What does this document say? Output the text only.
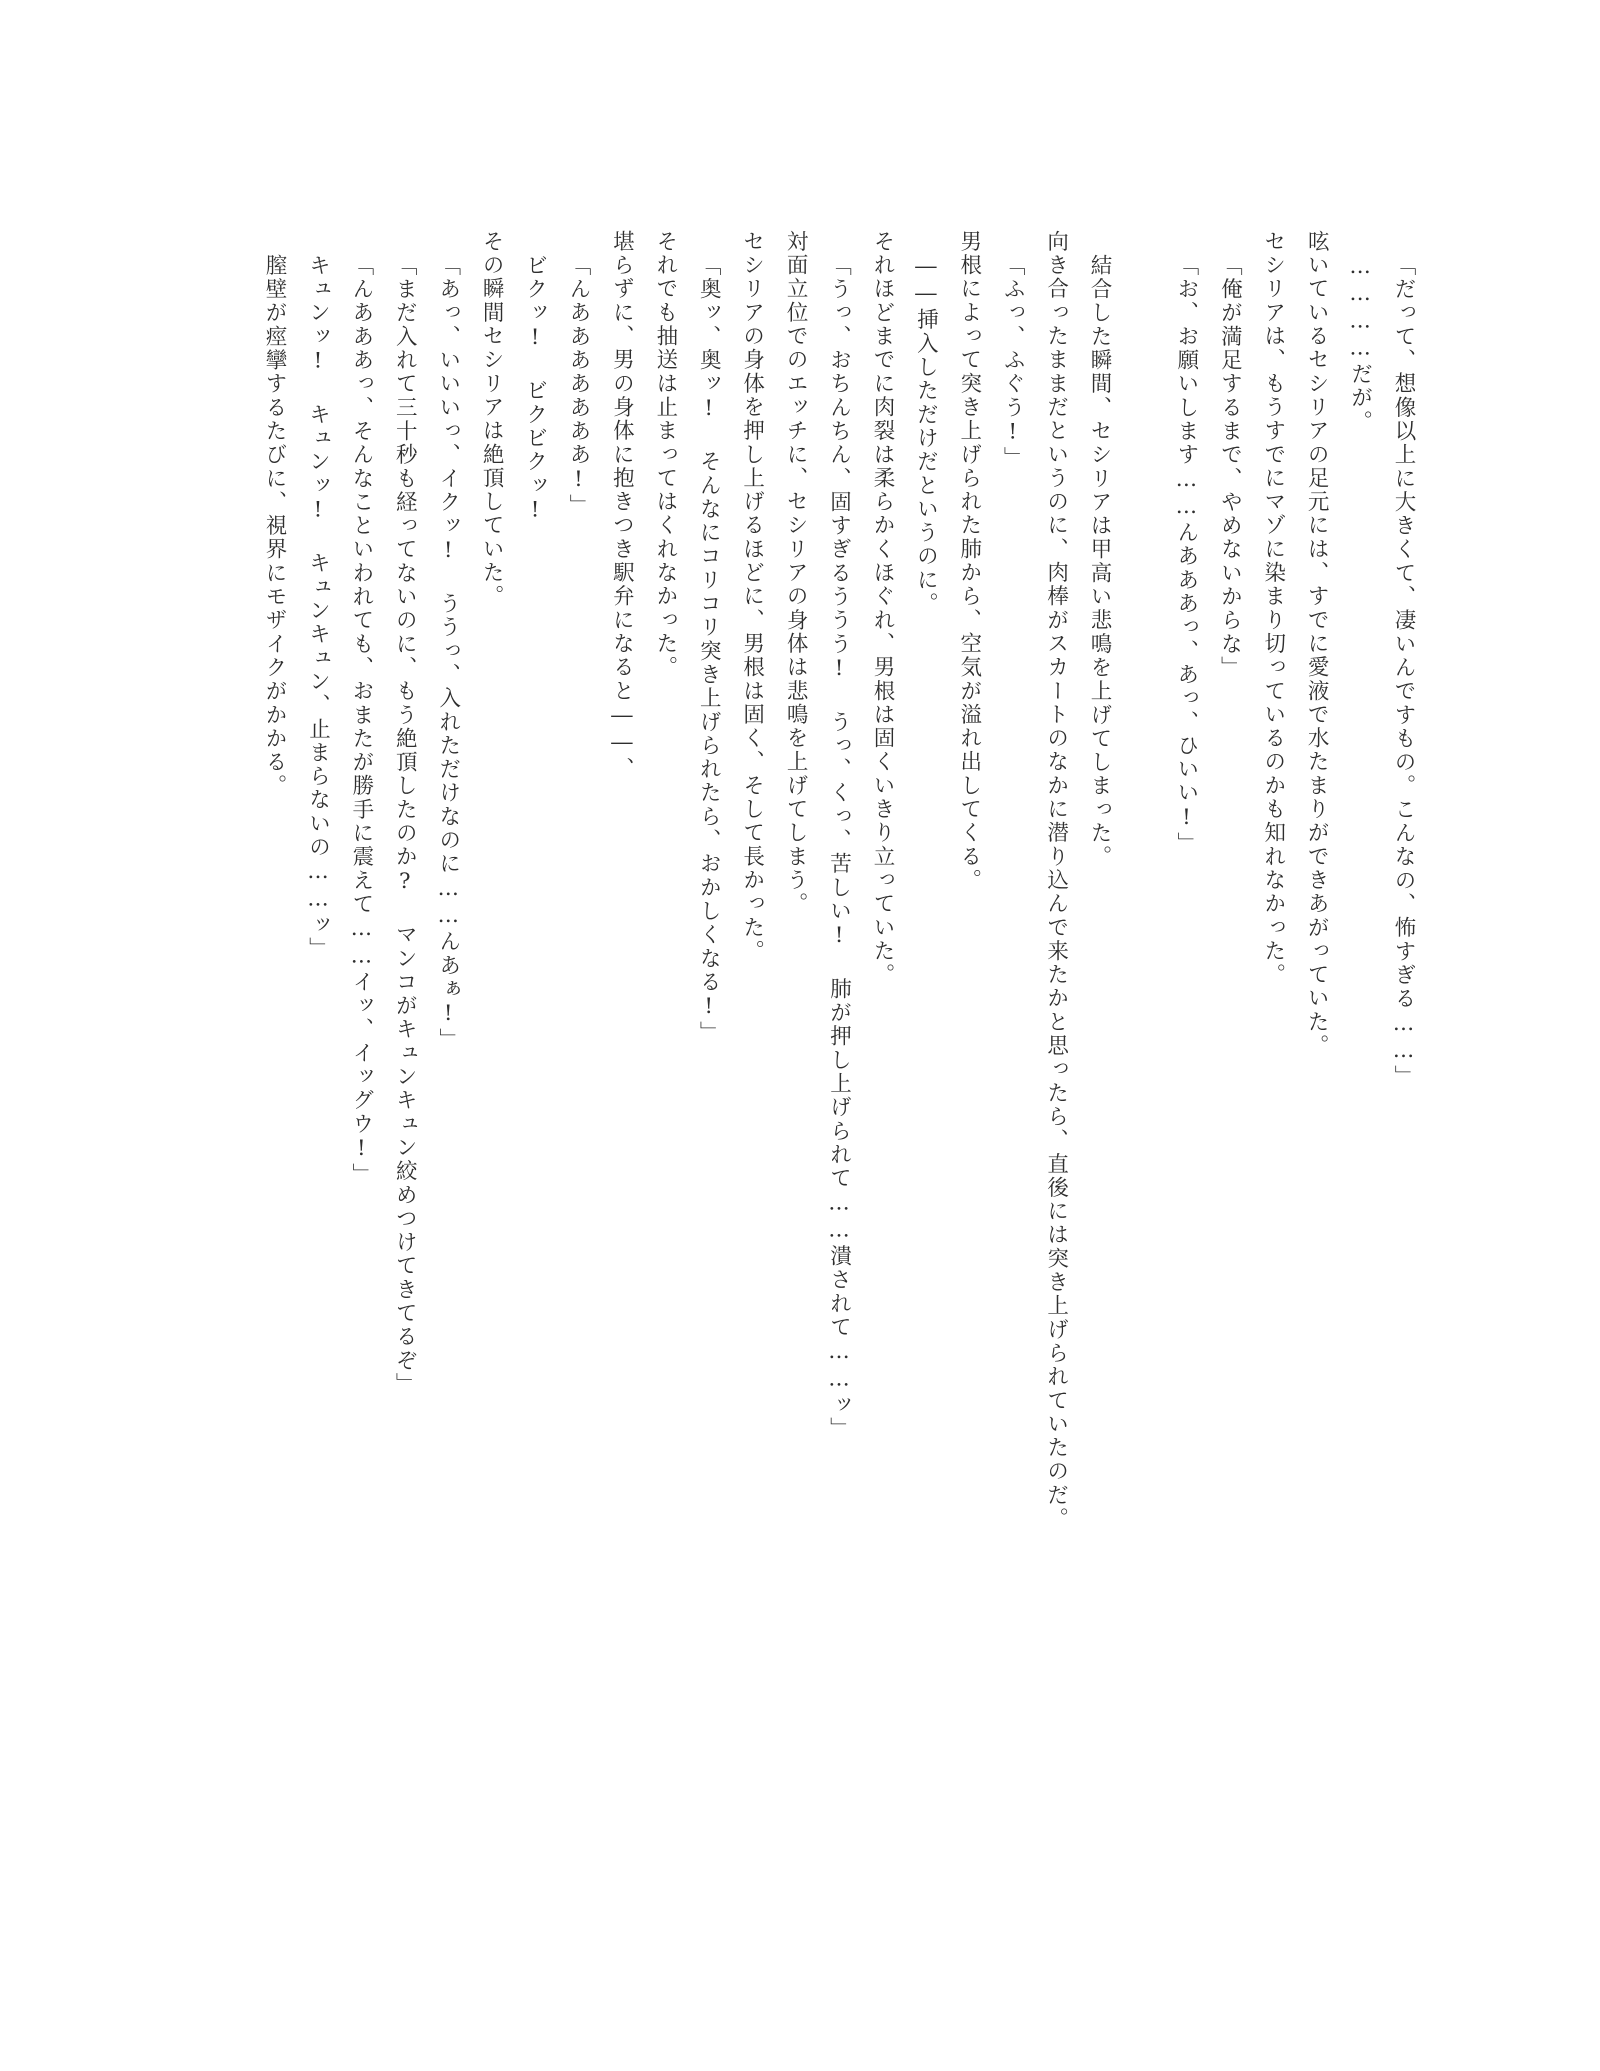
「だって、想像以上に大きくて、凄いんですもの。こんなの、怖すぎる……」

…………だが。

呟いているセシリアの足元には、すでに愛液で水たまりができあがっていた。

セシリアは、もうすでにマゾに染まり切っているのかも知れなかった。

「俺が満足するまで、やめないからな」

「お、お願いします……んあああっ、あっ、ひいい!」

結合した瞬間、セシリアは甲高い悲鳴を上げてしまった。

向き合ったままだというのに、肉棒がスカートのなかに潜り込んで来たかと思ったら、直後には突き上げられていたのだ。

「ふっ、ふぐう!」

男根によって突き上げられた肺から、空気が溢れ出してくる。

――挿入しただけだというのに。

それほどまでに肉裂は柔らかくほぐれ、男根は固くいきり立っていた。

「うっ、おちんちん、固すぎるううう! うっ、くっ、苦しい! 肺が押し上げられて……潰されて……ッ」

対面立位でのエッチに、セシリアの身体は悲鳴を上げてしまう。

セシリアの身体を押し上げるほどに、男根は固く、そして長かった。

「奥ッ、奥ッ! そんなにコリコリ突き上げられたら、おかしくなる!」

それでも抽送は止まってはくれなかった。

堪らずに、男の身体に抱きつき駅弁になると――、

「んあああああああ!」

ビクッ! ビクビクッ!

その瞬間セシリアは絶頂していた。

「あっ、いいいっ、イクッ! ううっ、入れただけなのに……んあぁ!」

「まだ入れて三十秒も経ってないのに、もう絶頂したのか? マンコがキュンキュン絞めつけてきてるぞ」

「んあああっ、そんなこといわれても、おまたが勝手に震えて……イッ、イッグウ!」

キュンッ! キュンッ! キュンキュン、止まらないの……ッ」

膣壁が痙攣するたびに、視界にモザイクがかかる。
